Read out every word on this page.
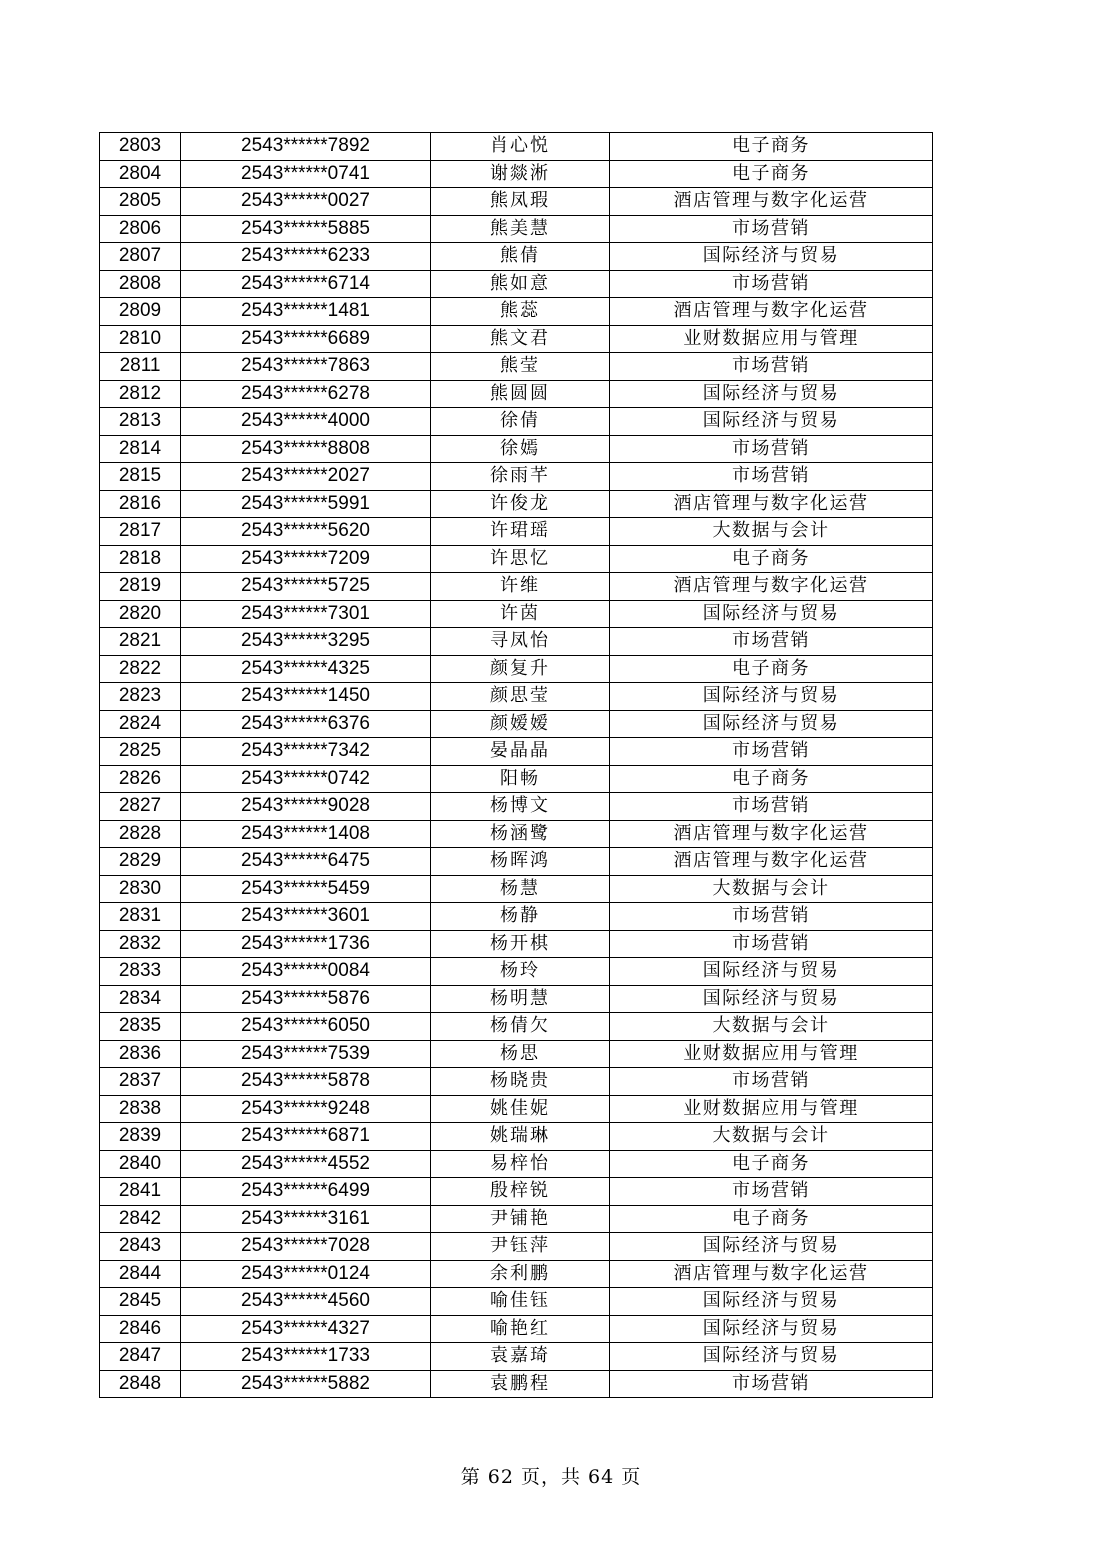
2803	2543******7892	肖心悦	电子商务
2804	2543******0741	谢燚淅	电子商务
2805	2543******0027	熊凤瑕	酒店管理与数字化运营
2806	2543******5885	熊美慧	市场营销
2807	2543******6233	熊倩	国际经济与贸易
2808	2543******6714	熊如意	市场营销
2809	2543******1481	熊蕊	酒店管理与数字化运营
2810	2543******6689	熊文君	业财数据应用与管理
2811	2543******7863	熊莹	市场营销
2812	2543******6278	熊圆圆	国际经济与贸易
2813	2543******4000	徐倩	国际经济与贸易
2814	2543******8808	徐嫣	市场营销
2815	2543******2027	徐雨芊	市场营销
2816	2543******5991	许俊龙	酒店管理与数字化运营
2817	2543******5620	许珺瑶	大数据与会计
2818	2543******7209	许思忆	电子商务
2819	2543******5725	许维	酒店管理与数字化运营
2820	2543******7301	许茵	国际经济与贸易
2821	2543******3295	寻凤怡	市场营销
2822	2543******4325	颜复升	电子商务
2823	2543******1450	颜思莹	国际经济与贸易
2824	2543******6376	颜嫒嫒	国际经济与贸易
2825	2543******7342	晏晶晶	市场营销
2826	2543******0742	阳畅	电子商务
2827	2543******9028	杨博文	市场营销
2828	2543******1408	杨涵鹭	酒店管理与数字化运营
2829	2543******6475	杨晖鸿	酒店管理与数字化运营
2830	2543******5459	杨慧	大数据与会计
2831	2543******3601	杨静	市场营销
2832	2543******1736	杨开棋	市场营销
2833	2543******0084	杨玲	国际经济与贸易
2834	2543******5876	杨明慧	国际经济与贸易
2835	2543******6050	杨倩欠	大数据与会计
2836	2543******7539	杨思	业财数据应用与管理
2837	2543******5878	杨晓贵	市场营销
2838	2543******9248	姚佳妮	业财数据应用与管理
2839	2543******6871	姚瑞琳	大数据与会计
2840	2543******4552	易梓怡	电子商务
2841	2543******6499	殷梓锐	市场营销
2842	2543******3161	尹铺艳	电子商务
2843	2543******7028	尹钰萍	国际经济与贸易
2844	2543******0124	余利鹏	酒店管理与数字化运营
2845	2543******4560	喻佳钰	国际经济与贸易
2846	2543******4327	喻艳红	国际经济与贸易
2847	2543******1733	袁嘉琦	国际经济与贸易
2848	2543******5882	袁鹏程	市场营销
第 62 页，共 64 页
